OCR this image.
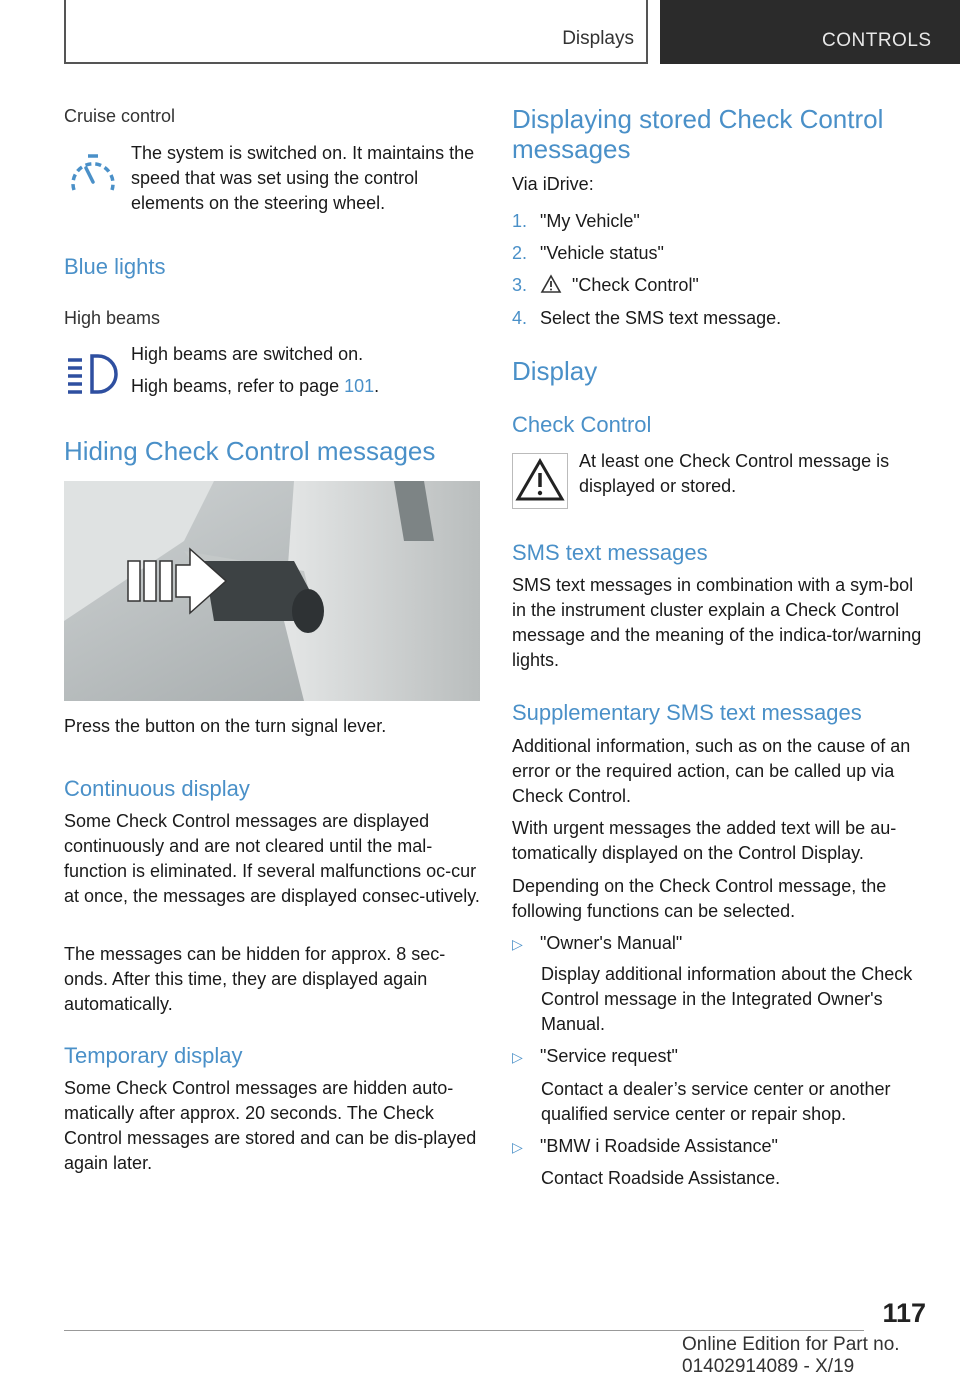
Displays	CONTROLS
Cruise control

The system is switched on. It maintains the speed that was set using the control elements on the steering wheel.

Blue lights
High beams

High beams are switched on.

High beams, refer to page 101.

Hiding Check Control messages

Press the button on the turn signal lever.

Continuous display

Some Check Control messages are displayed continuously and are not cleared until the mal-function is eliminated. If several malfunctions oc-cur at once, the messages are displayed consec-utively.

The messages can be hidden for approx. 8 sec-onds. After this time, they are displayed again automatically.

Temporary display

Some Check Control messages are hidden auto-matically after approx. 20 seconds. The Check Control messages are stored and can be dis-played again later.

Displaying stored Check Control messages

Via iDrive:

1. "My Vehicle"
2. "Vehicle status"
3. "Check Control"
4. Select the SMS text message.
Display
Check Control

At least one Check Control message is displayed or stored.

SMS text messages

SMS text messages in combination with a sym-bol in the instrument cluster explain a Check Control message and the meaning of the indica-tor/warning lights.

Supplementary SMS text messages

Additional information, such as on the cause of an error or the required action, can be called up via Check Control.

With urgent messages the added text will be au-tomatically displayed on the Control Display.

Depending on the Check Control message, the following functions can be selected.

▷ "Owner's Manual"

Display additional information about the Check Control message in the Integrated Owner's Manual.

▷ "Service request"

Contact a dealer’s service center or another qualified service center or repair shop.

▷ "BMW i Roadside Assistance"

Contact Roadside Assistance.

117
Online Edition for Part no. 01402914089 - X/19
